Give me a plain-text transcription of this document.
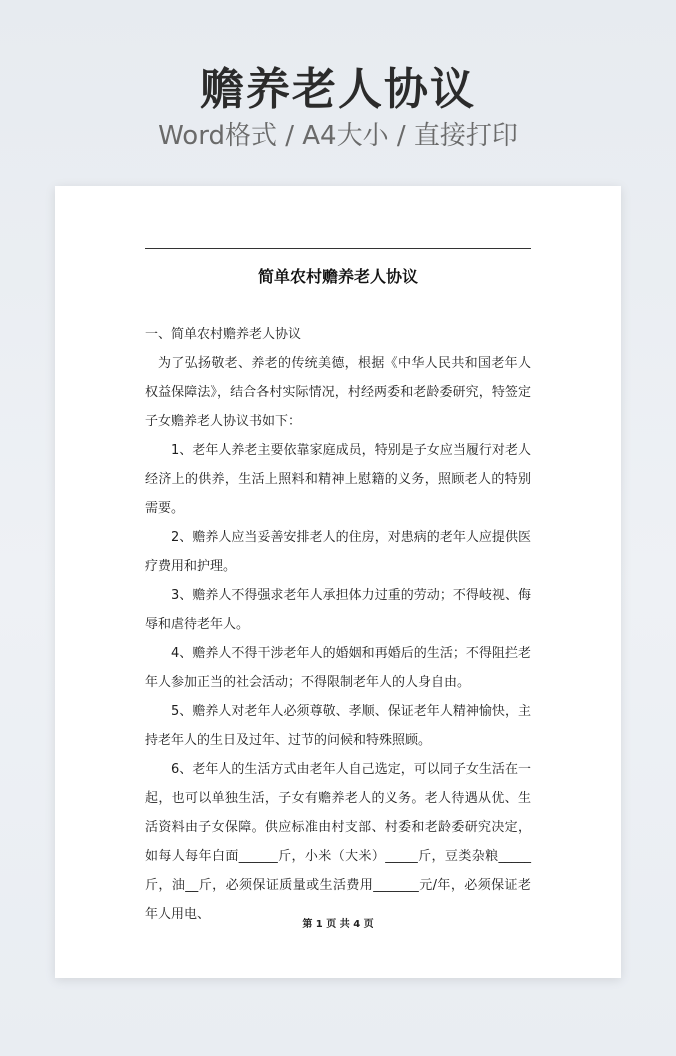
赡养老人协议
Word格式 / A4大小 / 直接打印
简单农村赡养老人协议

一、简单农村赡养老人协议

为了弘扬敬老、养老的传统美德，根据《中华人民共和国老年人权益保障法》，结合各村实际情况，村经两委和老龄委研究，特签定子女赡养老人协议书如下：

1、老年人养老主要依靠家庭成员，特别是子女应当履行对老人经济上的供养，生活上照料和精神上慰籍的义务，照顾老人的特别需要。

2、赡养人应当妥善安排老人的住房，对患病的老年人应提供医疗费用和护理。

3、赡养人不得强求老年人承担体力过重的劳动；不得岐视、侮辱和虐待老年人。

4、赡养人不得干涉老年人的婚姻和再婚后的生活；不得阻拦老年人参加正当的社会活动；不得限制老年人的人身自由。

5、赡养人对老年人必须尊敬、孝顺、保证老年人精神愉快，主持老年人的生日及过年、过节的问候和特殊照顾。

6、老年人的生活方式由老年人自己选定，可以同子女生活在一起，也可以单独生活，子女有赡养老人的义务。老人待遇从优、生活资料由子女保障。供应标准由村支部、村委和老龄委研究决定，如每人每年白面______斤，小米（大米）_____斤，豆类杂粮_____斤，油__斤，必须保证质量或生活费用_______元/年，必须保证老年人用电、

第 1 页 共 4 页
